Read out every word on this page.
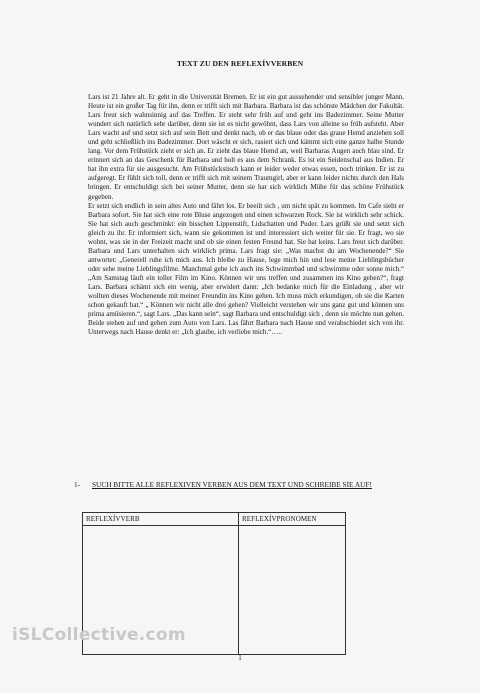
TEXT ZU DEN REFLEXÍVVERBEN

Lars ist 21 Jahre alt. Er geht in die Universität Bremen. Er ist ein gut aussehender und sensibler junger Mann. Heute ist ein großer Tag für ihn, denn er trifft sich mit Barbara. Barbara ist das schönste Mädchen der Fakultät. Lars freut sich wahnsinnig auf das Treffen. Er steht sehr früh auf und geht ins Badezimmer. Seine Mutter wundert sich natürlich sehr darüber, denn sie ist es nicht gewöhnt, dass Lars von alleine so früh aufsteht. Aber Lars wacht auf und setzt sich auf sein Bett und denkt nach, ob er das blaue oder das graue Hemd anziehen soll und geht schließlich ins Badezimmer. Dort wäscht er sich, rasiert sich und kämmt sich eine ganze halbe Stunde lang. Vor dem Frühstück zieht er sich an. Er zieht das blaue Hemd an, weil Barbaras Augen auch blau sind. Er erinnert sich an das Geschenk für Barbara und holt es aus dem Schrank. Es ist ein Seidenschal aus Indien. Er hat ihn extra für sie ausgesucht. Am Frühstückstisch kann er leider weder etwas essen, noch trinken. Er ist zu aufgeregt. Er fühlt sich toll, denn er trifft sich mit seinem Traumgirl, aber er kann leider nichts durch den Hals bringen. Er entschuldigt sich bei seiner Mutter, denn sie hat sich wirklich Mühe für das schöne Frühstück gegeben.

Er setzt sich endlich in sein altes Auto und fährt los. Er beeilt sich , um nicht spät zu kommen. Im Cafe sieht er Barbara sofort. Sie hat sich eine rote Bluse angezogen und einen schwarzen Rock. Sie ist wirklich sehr schick. Sie hat sich auch geschminkt: ein bisschen Lippenstift, Lidschatten und Puder. Lars grüßt sie und setzt sich gleich zu ihr. Er informiert sich, wann sie gekommen ist und interessiert sich weiter für sie. Er fragt, wo sie wohnt, was sie in der Freizeit macht und ob sie einen festen Freund hat. Sie hat keins. Lars freut sich darüber. Barbara und Lars unterhalten sich wirklich prima. Lars fragt sie: „Was machst du am Wochenende?“ Sie antwortet: „Generell ruhe ich mich aus. Ich bleibe zu Hause, lege mich hin und lese meine Lieblingsbücher oder sehe meine Lieblingsfilme. Manchmal gehe ich auch ins Schwimmbad und schwimme oder sonne mich.“ „Am Samstag läuft ein toller Film im Kino. Können wir uns treffen und zusammen ins Kino gehen?“, fragt Lars. Barbara schämt sich ein wenig, aber erwidert dann: „Ich bedanke mich für die Einladung , aber wir wollten dieses Wochenende mit meiner Freundin ins Kino gehen. Ich muss mich erkundigen, ob sie die Karten schon gekauft hat.“ „ Können wir nicht alle drei gehen? Vielleicht verstehen wir uns ganz gut und können uns prima amüsieren.“, sagt Lars. „Das kann sein“, sagt Barbara und entschuldigt sich , denn sie möchte nun gehen. Beide stehen auf und gehen zum Auto von Lars. Las fährt Barbara nach Hause und verabschiedet sich von ihr. Unterwegs nach Hause denkt er: „Ich glaube, ich verliebe mich.“…..

1-	SUCH BITTE ALLE REFLEXIVEN VERBEN AUS DEM TEXT UND SCHREIBE SİE AUF!
REFLEXÍVVERB	REFLEXÍVPRONOMEN
iSLCollective.com
1
